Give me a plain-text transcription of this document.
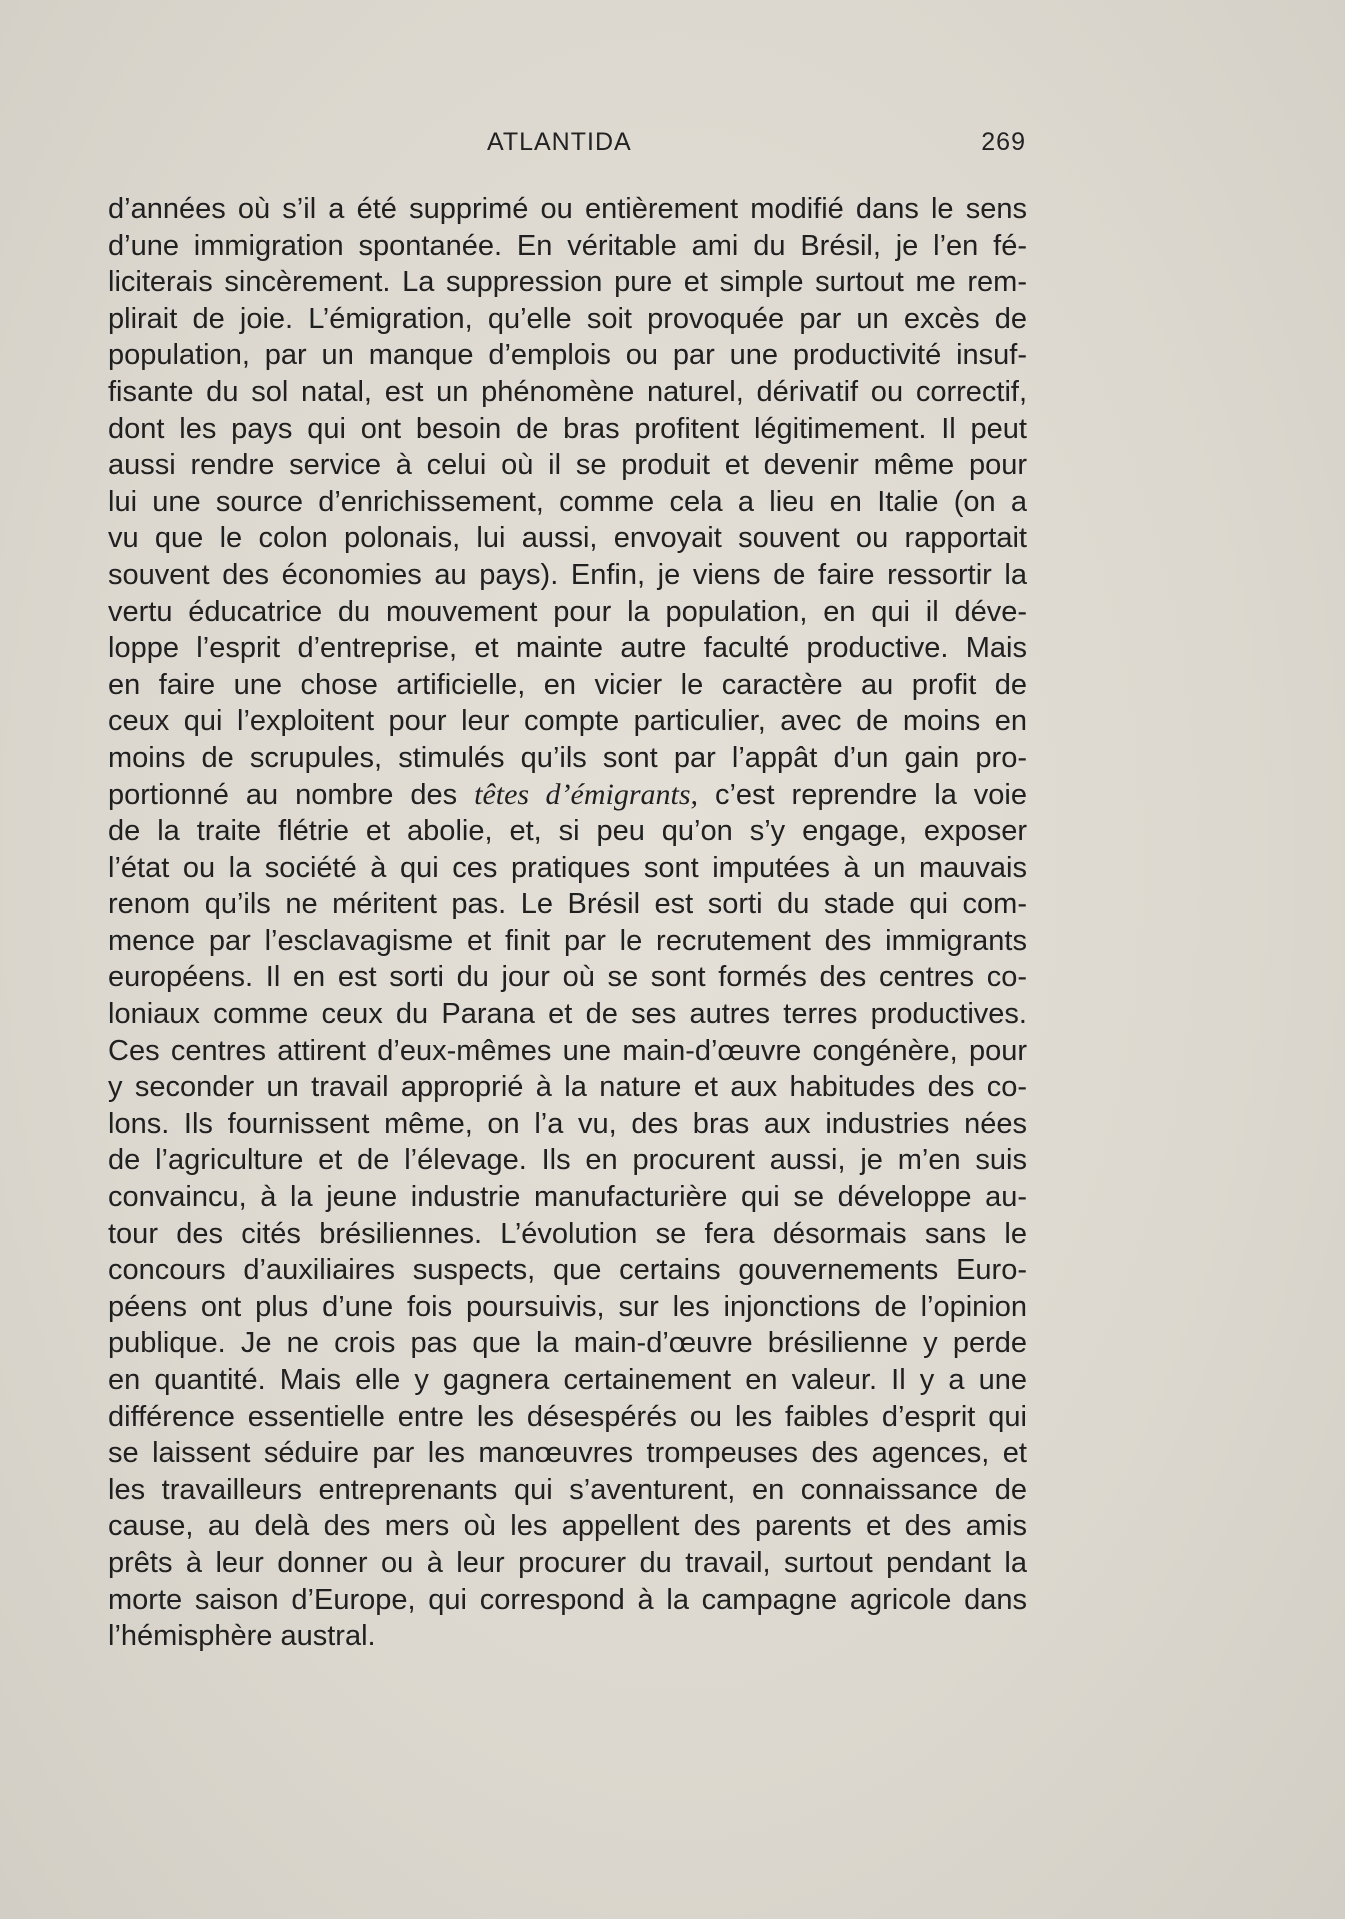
ATLANTIDA	269
d’années où s’il a été supprimé ou entièrement modifié dans le sens
d’une immigration spontanée. En véritable ami du Brésil, je l’en fé-
liciterais sincèrement. La suppression pure et simple surtout me rem-
plirait de joie. L’émigration, qu’elle soit provoquée par un excès de
population, par un manque d’emplois ou par une productivité insuf-
fisante du sol natal, est un phénomène naturel, dérivatif ou correctif,
dont les pays qui ont besoin de bras profitent légitimement. Il peut
aussi rendre service à celui où il se produit et devenir même pour
lui une source d’enrichissement, comme cela a lieu en Italie (on a
vu que le colon polonais, lui aussi, envoyait souvent ou rapportait
souvent des économies au pays). Enfin, je viens de faire ressortir la
vertu éducatrice du mouvement pour la population, en qui il déve-
loppe l’esprit d’entreprise, et mainte autre faculté productive. Mais
en faire une chose artificielle, en vicier le caractère au profit de
ceux qui l’exploitent pour leur compte particulier, avec de moins en
moins de scrupules, stimulés qu’ils sont par l’appât d’un gain pro-
portionné au nombre des têtes d’émigrants, c’est reprendre la voie
de la traite flétrie et abolie, et, si peu qu’on s’y engage, exposer
l’état ou la société à qui ces pratiques sont imputées à un mauvais
renom qu’ils ne méritent pas. Le Brésil est sorti du stade qui com-
mence par l’esclavagisme et finit par le recrutement des immigrants
européens. Il en est sorti du jour où se sont formés des centres co-
loniaux comme ceux du Parana et de ses autres terres productives.
Ces centres attirent d’eux-mêmes une main-d’œuvre congénère, pour
y seconder un travail approprié à la nature et aux habitudes des co-
lons. Ils fournissent même, on l’a vu, des bras aux industries nées
de l’agriculture et de l’élevage. Ils en procurent aussi, je m’en suis
convaincu, à la jeune industrie manufacturière qui se développe au-
tour des cités brésiliennes. L’évolution se fera désormais sans le
concours d’auxiliaires suspects, que certains gouvernements Euro-
péens ont plus d’une fois poursuivis, sur les injonctions de l’opinion
publique. Je ne crois pas que la main-d’œuvre brésilienne y perde
en quantité. Mais elle y gagnera certainement en valeur. Il y a une
différence essentielle entre les désespérés ou les faibles d’esprit qui
se laissent séduire par les manœuvres trompeuses des agences, et
les travailleurs entreprenants qui s’aventurent, en connaissance de
cause, au delà des mers où les appellent des parents et des amis
prêts à leur donner ou à leur procurer du travail, surtout pendant la
morte saison d’Europe, qui correspond à la campagne agricole dans
l’hémisphère austral.
